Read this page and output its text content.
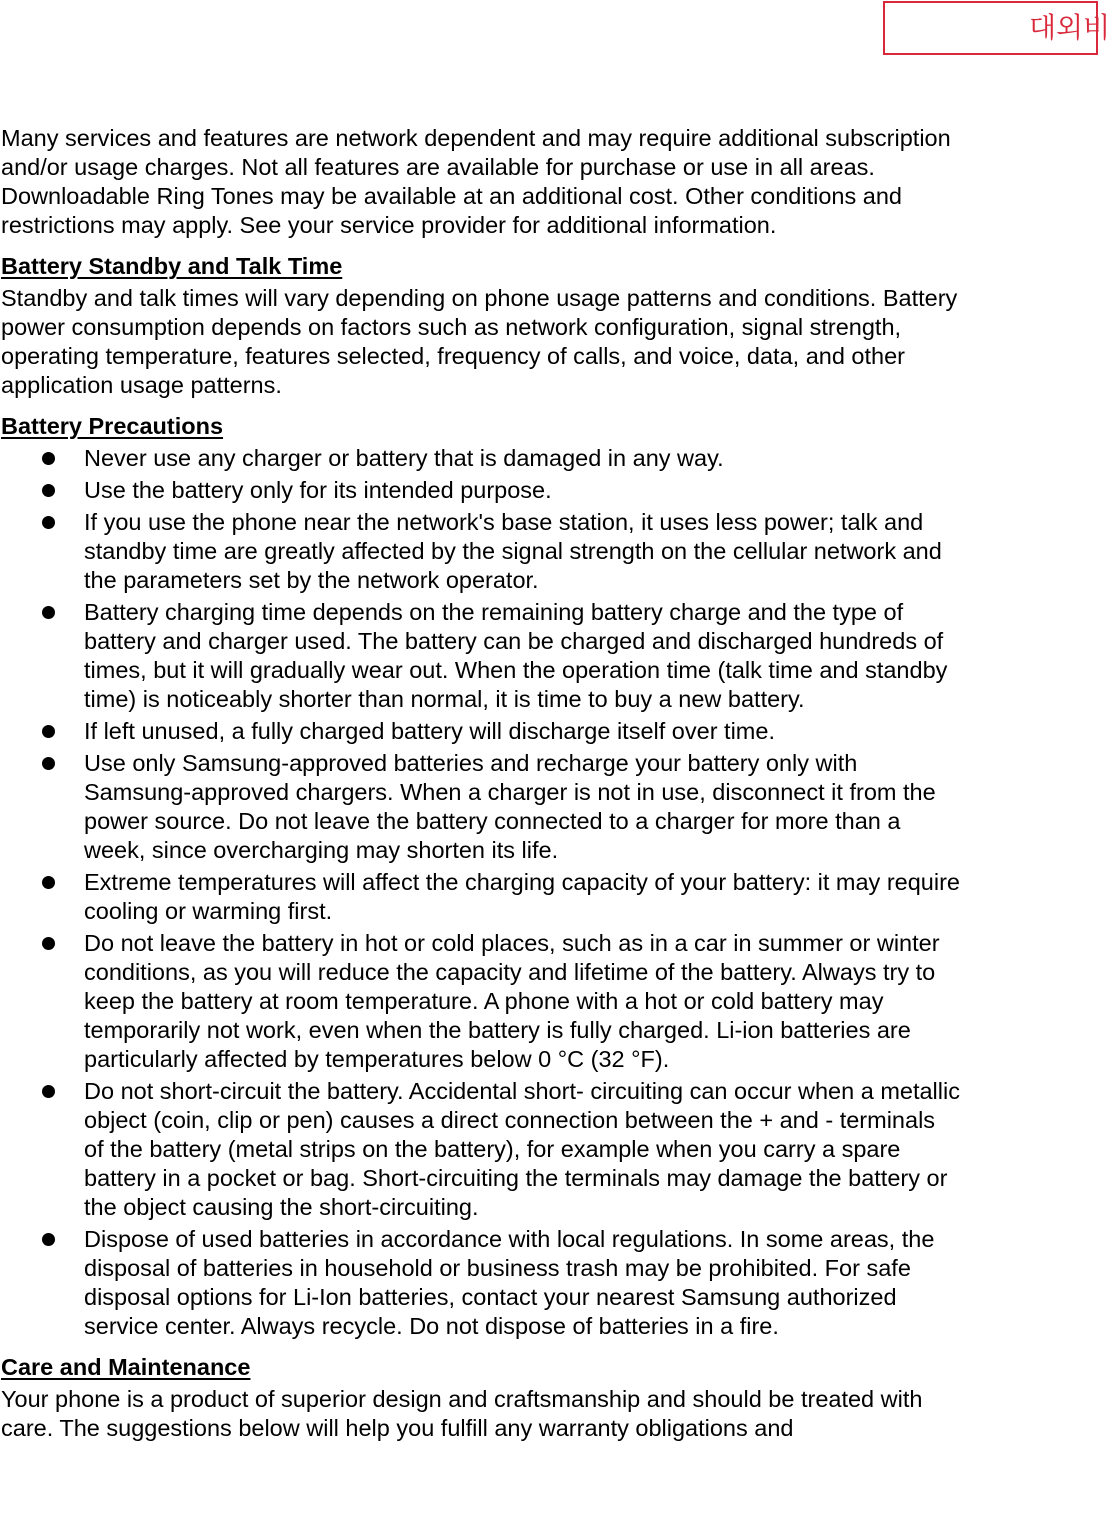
대외비

Many services and features are network dependent and may require additional subscription and/or usage charges. Not all features are available for purchase or use in all areas. Downloadable Ring Tones may be available at an additional cost. Other conditions and restrictions may apply. See your service provider for additional information.

Battery Standby and Talk Time

Standby and talk times will vary depending on phone usage patterns and conditions. Battery power consumption depends on factors such as network configuration, signal strength, operating temperature, features selected, frequency of calls, and voice, data, and other application usage patterns.

Battery Precautions
Never use any charger or battery that is damaged in any way.
Use the battery only for its intended purpose.
If you use the phone near the network's base station, it uses less power; talk and standby time are greatly affected by the signal strength on the cellular network and the parameters set by the network operator.
Battery charging time depends on the remaining battery charge and the type of battery and charger used. The battery can be charged and discharged hundreds of times, but it will gradually wear out. When the operation time (talk time and standby time) is noticeably shorter than normal, it is time to buy a new battery.
If left unused, a fully charged battery will discharge itself over time.
Use only Samsung-approved batteries and recharge your battery only with Samsung-approved chargers. When a charger is not in use, disconnect it from the power source. Do not leave the battery connected to a charger for more than a week, since overcharging may shorten its life.
Extreme temperatures will affect the charging capacity of your battery: it may require cooling or warming first.
Do not leave the battery in hot or cold places, such as in a car in summer or winter conditions, as you will reduce the capacity and lifetime of the battery. Always try to keep the battery at room temperature. A phone with a hot or cold battery may temporarily not work, even when the battery is fully charged. Li-ion batteries are particularly affected by temperatures below 0 °C (32 °F).
Do not short-circuit the battery. Accidental short- circuiting can occur when a metallic object (coin, clip or pen) causes a direct connection between the + and - terminals of the battery (metal strips on the battery), for example when you carry a spare battery in a pocket or bag. Short-circuiting the terminals may damage the battery or the object causing the short-circuiting.
Dispose of used batteries in accordance with local regulations. In some areas, the disposal of batteries in household or business trash may be prohibited. For safe disposal options for Li-Ion batteries, contact your nearest Samsung authorized service center. Always recycle. Do not dispose of batteries in a fire.
Care and Maintenance

Your phone is a product of superior design and craftsmanship and should be treated with care. The suggestions below will help you fulfill any warranty obligations and
